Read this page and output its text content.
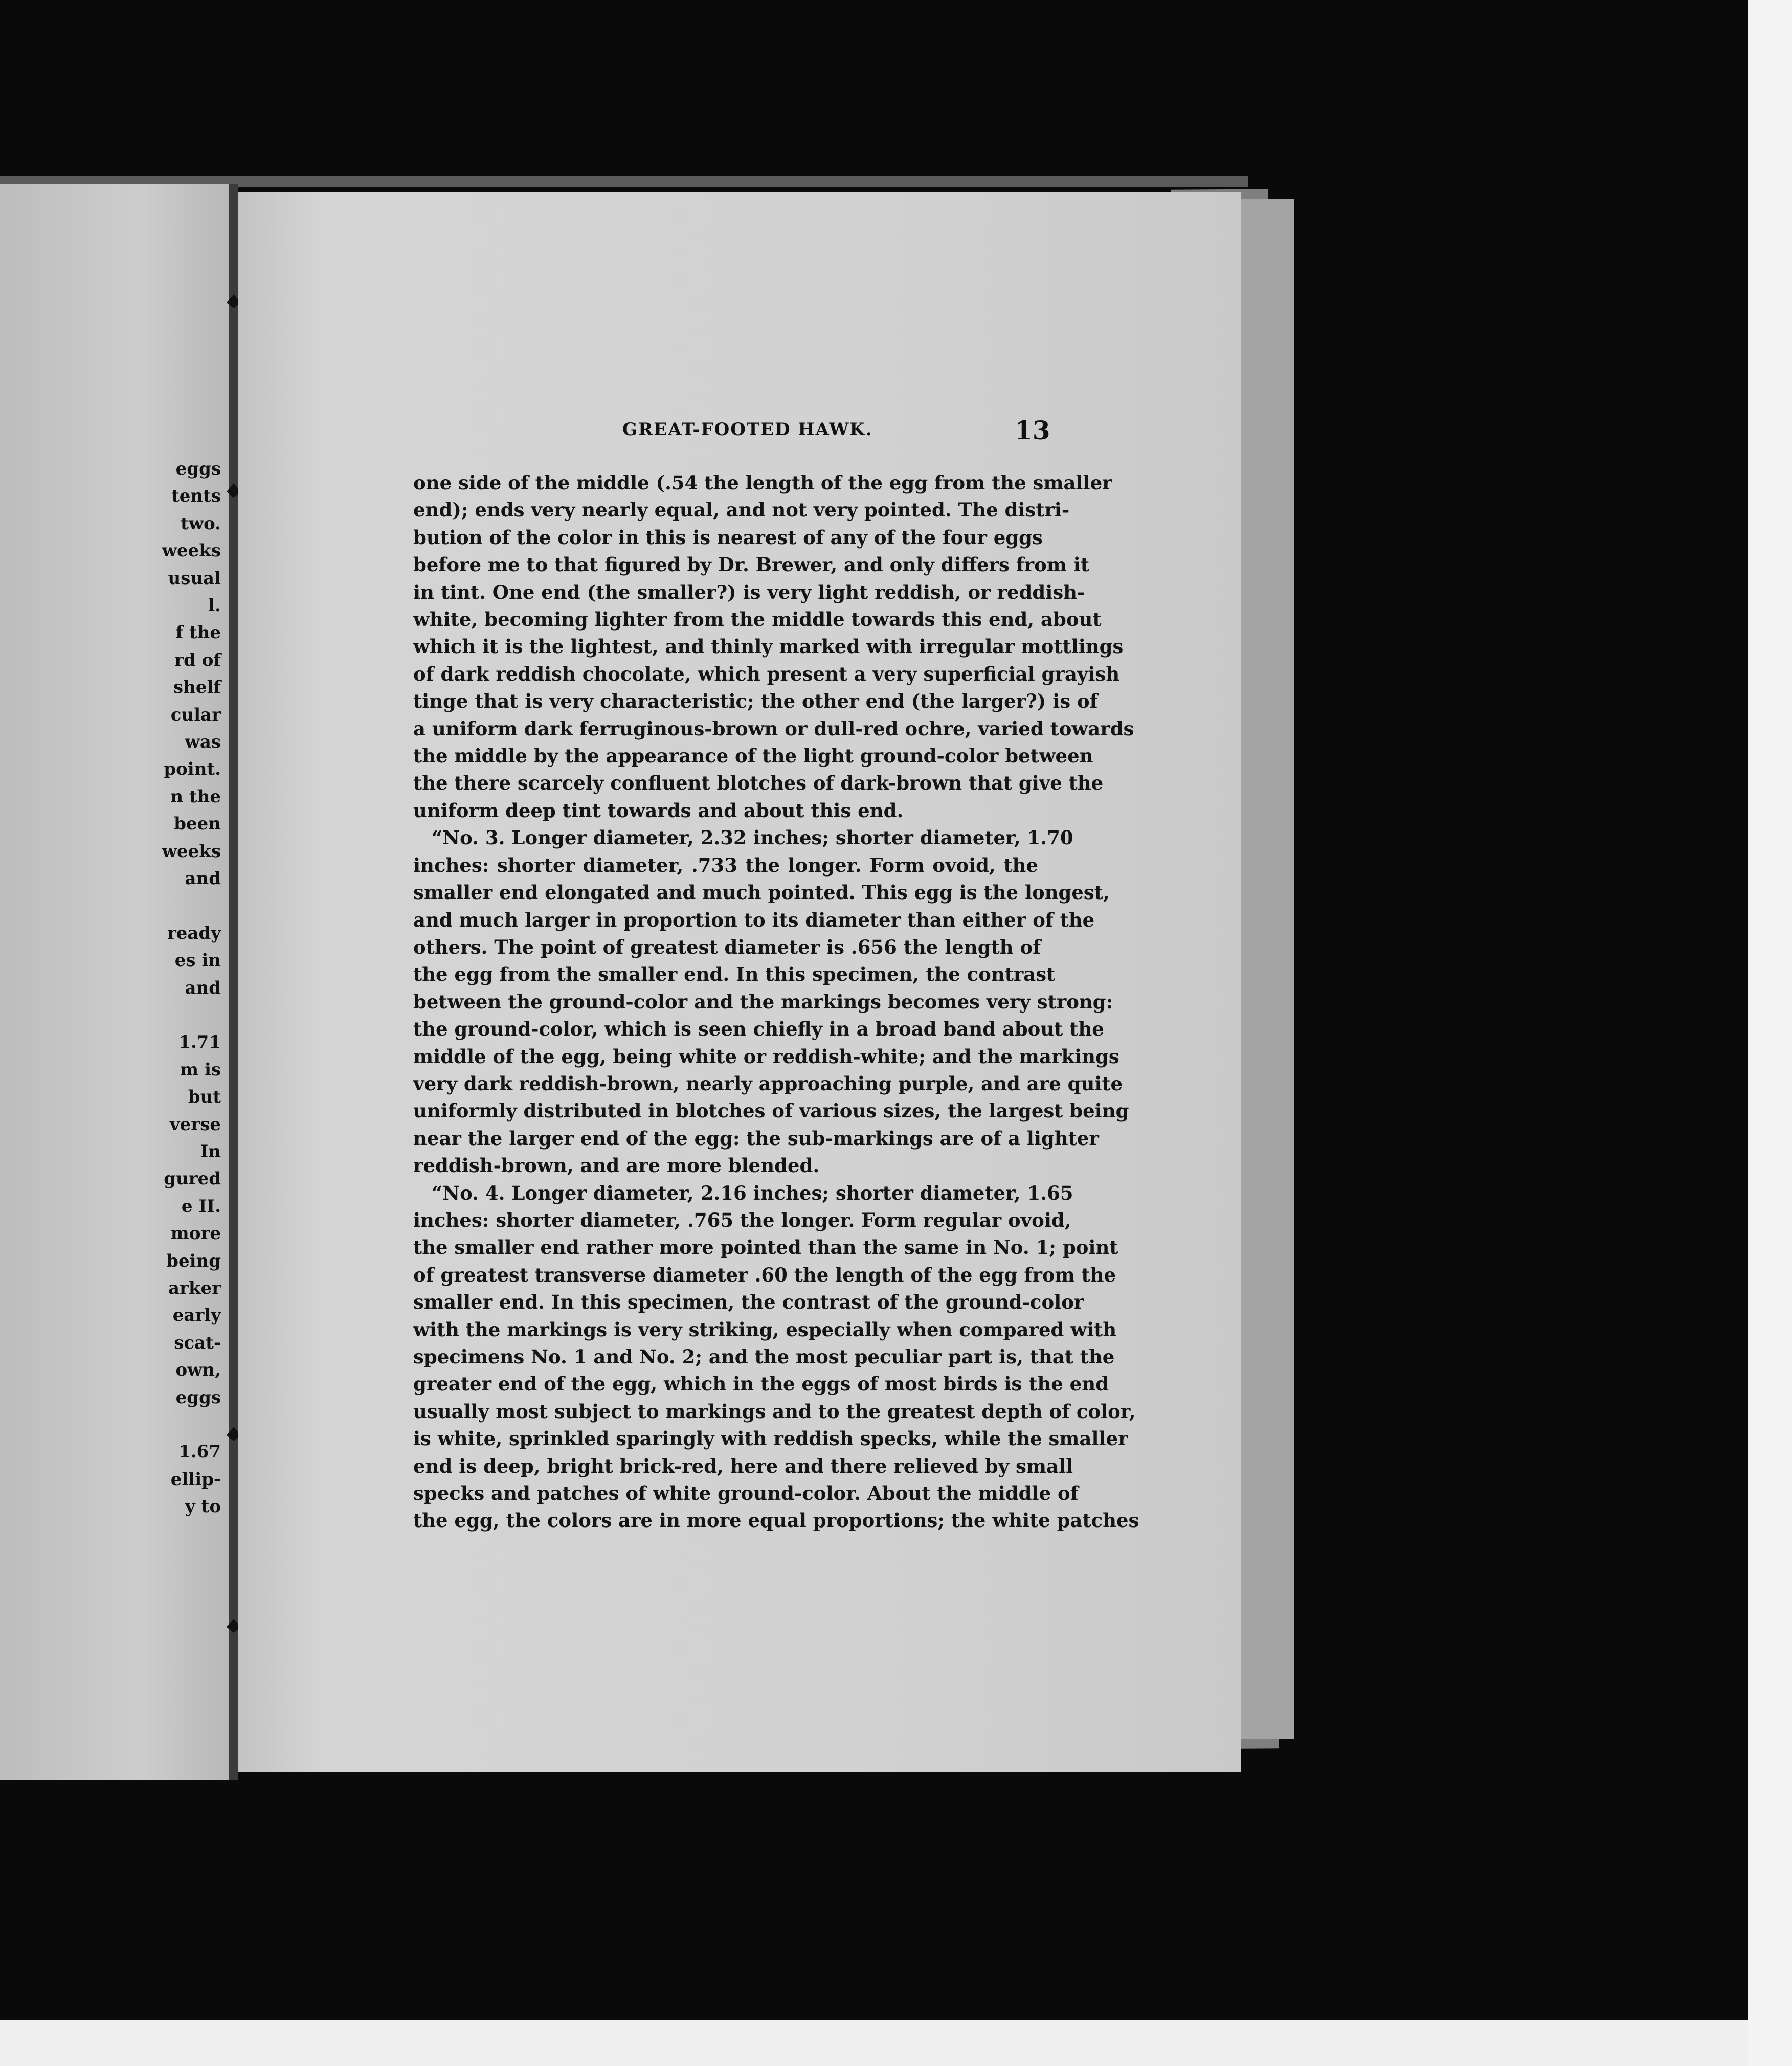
eggs
tents
two.
weeks
usual
l.
f the
rd of
shelf
cular
was
point.
n the
been
weeks
and
ready
es in
and
1.71
m is
but
verse
In
gured
e II.
more
being
arker
early
scat-
own,
eggs
1.67
ellip-
y to
GREAT-FOOTED HAWK.	13

one side of the middle (.54 the length of the egg from the smaller

end); ends very nearly equal, and not very pointed. The distri-

bution of the color in this is nearest of any of the four eggs

before me to that figured by Dr. Brewer, and only differs from it

in tint. One end (the smaller?) is very light reddish, or reddish-

white, becoming lighter from the middle towards this end, about

which it is the lightest, and thinly marked with irregular mottlings

of dark reddish chocolate, which present a very superficial grayish

tinge that is very characteristic; the other end (the larger?) is of

a uniform dark ferruginous-brown or dull-red ochre, varied towards

the middle by the appearance of the light ground-color between

the there scarcely confluent blotches of dark-brown that give the

uniform deep tint towards and about this end.

“No. 3. Longer diameter, 2.32 inches; shorter diameter, 1.70

inches: shorter diameter, .733 the longer. Form ovoid, the

smaller end elongated and much pointed. This egg is the longest,

and much larger in proportion to its diameter than either of the

others. The point of greatest diameter is .656 the length of

the egg from the smaller end. In this specimen, the contrast

between the ground-color and the markings becomes very strong:

the ground-color, which is seen chiefly in a broad band about the

middle of the egg, being white or reddish-white; and the markings

very dark reddish-brown, nearly approaching purple, and are quite

uniformly distributed in blotches of various sizes, the largest being

near the larger end of the egg: the sub-markings are of a lighter

reddish-brown, and are more blended.

“No. 4. Longer diameter, 2.16 inches; shorter diameter, 1.65

inches: shorter diameter, .765 the longer. Form regular ovoid,

the smaller end rather more pointed than the same in No. 1; point

of greatest transverse diameter .60 the length of the egg from the

smaller end. In this specimen, the contrast of the ground-color

with the markings is very striking, especially when compared with

specimens No. 1 and No. 2; and the most peculiar part is, that the

greater end of the egg, which in the eggs of most birds is the end

usually most subject to markings and to the greatest depth of color,

is white, sprinkled sparingly with reddish specks, while the smaller

end is deep, bright brick-red, here and there relieved by small

specks and patches of white ground-color. About the middle of

the egg, the colors are in more equal proportions; the white patches
